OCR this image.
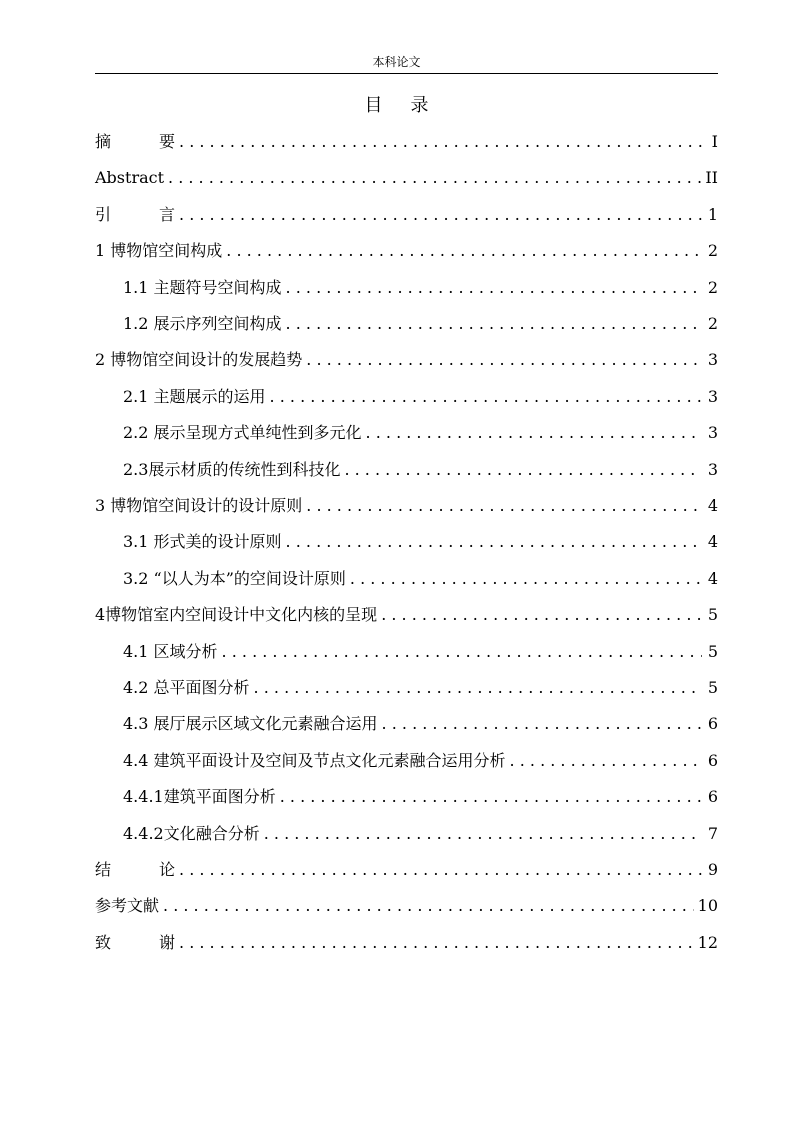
本科论文
目录
摘要 . . .	I
Abstract . . .	II
引言 . . .	1
1 博物馆空间构成 . . .	2
1.1 主题符号空间构成 . . .	2
1.2 展示序列空间构成 . . .	2
2 博物馆空间设计的发展趋势 . . .	3
2.1 主题展示的运用 . . .	3
2.2 展示呈现方式单纯性到多元化 . . .	3
2.3展示材质的传统性到科技化 . . .	3
3 博物馆空间设计的设计原则 . . .	4
3.1 形式美的设计原则 . . .	4
3.2 “以人为本”的空间设计原则 . . .	4
4博物馆室内空间设计中文化内核的呈现 . . .	5
4.1 区域分析 . . .	5
4.2 总平面图分析 . . .	5
4.3 展厅展示区域文化元素融合运用 . . .	6
4.4 建筑平面设计及空间及节点文化元素融合运用分析 . . .	6
4.4.1建筑平面图分析 . . .	6
4.4.2文化融合分析 . . .	7
结论 . . .	9
参考文献 . . .	10
致谢 . . .	12
